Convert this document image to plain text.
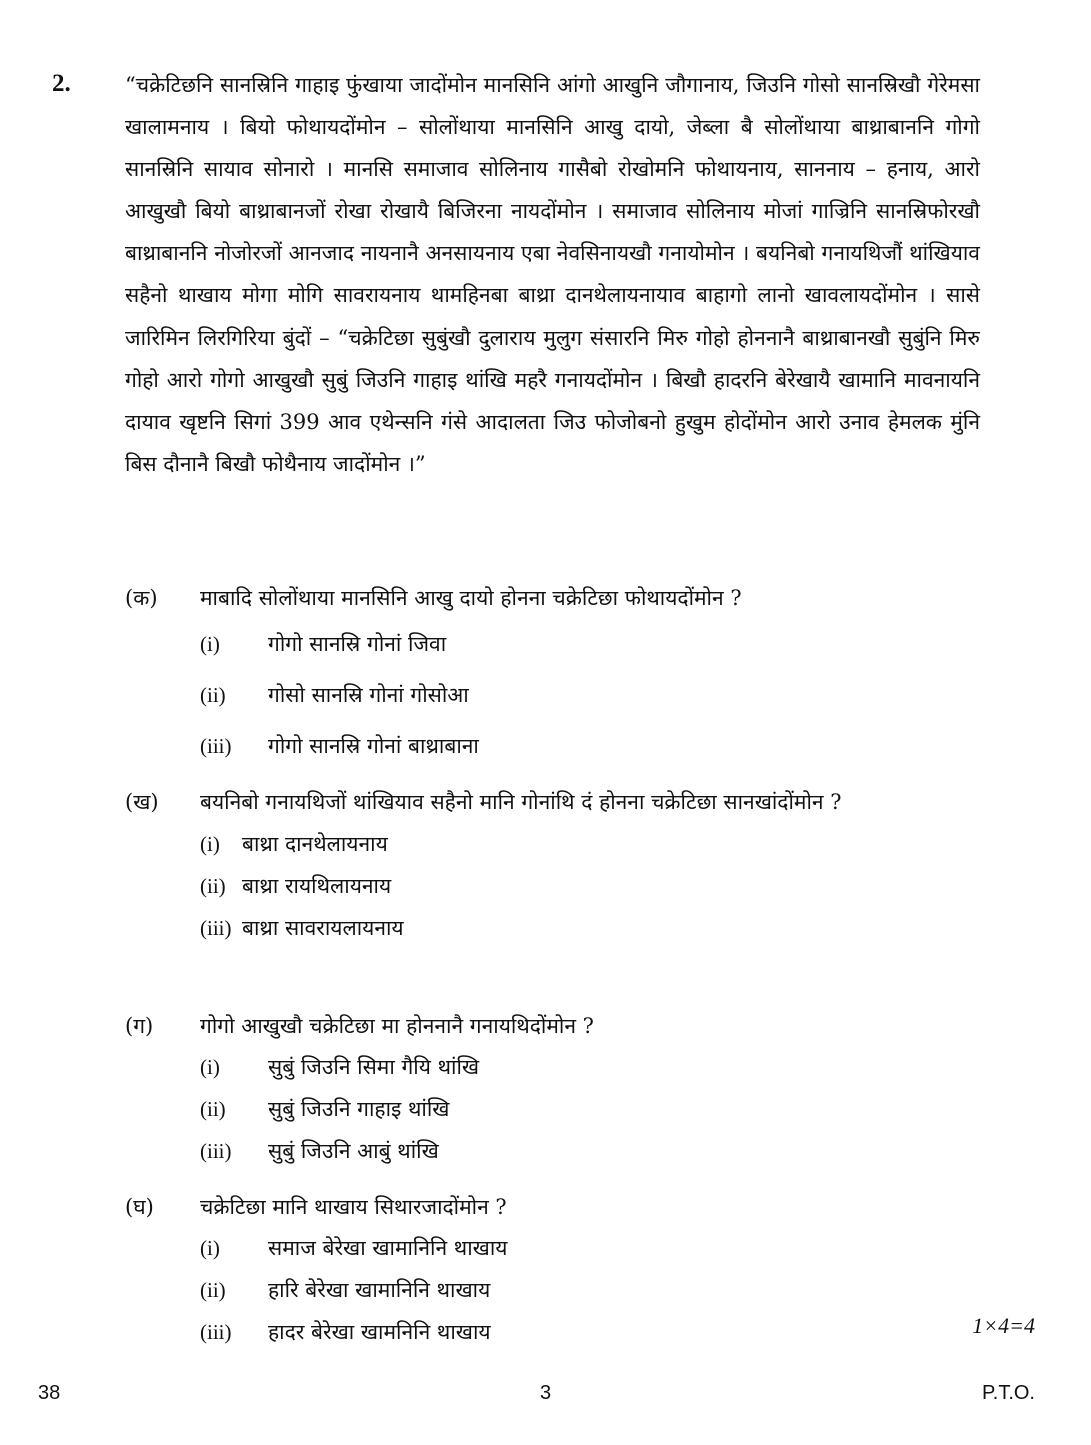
2.	“चक्रेटिछनि सानस्रिनि गाहाइ फुंखाया जादोंमोन मानसिनि आंगो आखुनि जौगानाय, जिउनि गोसो सानस्रिखौ गेरेमसा खालामनाय । बियो फोथायदोंमोन – सोलोंथाया मानसिनि आखु दायो, जेब्ला बै सोलोंथाया बाथ्राबाननि गोगो सानस्रिनि सायाव सोनारो । मानसि समाजाव सोलिनाय गासैबो रोखोमनि फोथायनाय, साननाय – हनाय, आरो आखुखौ बियो बाथ्राबानजों रोखा रोखायै बिजिरना नायदोंमोन । समाजाव सोलिनाय मोजां गाज्रिनि सानस्रिफोरखौ बाथ्राबाननि नोजोरजों आनजाद नायनानै अनसायनाय एबा नेवसिनायखौ गनायोमोन । बयनिबो गनायथिजौं थांखियाव सहैनो थाखाय मोगा मोगि सावरायनाय थामहिनबा बाथ्रा दानथेलायनायाव बाहागो लानो खावलायदोंमोन । सासे जारिमिन लिरगिरिया बुंदों – “चक्रेटिछा सुबुंखौ दुलाराय मुलुग संसारनि मिरु गोहो होननानै बाथ्राबानखौ सुबुंनि मिरु गोहो आरो गोगो आखुखौ सुबुं जिउनि गाहाइ थांखि महरै गनायदोंमोन । बिखौ हादरनि बेरेखायै खामानि मावनायनि दायाव खृष्टनि सिगां 399 आव एथेन्सनि गंसे आदालता जिउ फोजोबनो हुखुम होदोंमोन आरो उनाव हेमलक मुंनि बिस दौनानै बिखौ फोथैनाय जादोंमोन ।”
(क) माबादि सोलोंथाया मानसिनि आखु दायो होनना चक्रेटिछा फोथायदोंमोन ?
(i) गोगो सानस्रि गोनां जिवा
(ii) गोसो सानस्रि गोनां गोसोआ
(iii) गोगो सानस्रि गोनां बाथ्राबाना
(ख) बयनिबो गनायथिजों थांखियाव सहैनो मानि गोनांथि दं होनना चक्रेटिछा सानखांदोंमोन ?
(i) बाथ्रा दानथेलायनाय
(ii) बाथ्रा रायथिलायनाय
(iii) बाथ्रा सावरायलायनाय
(ग) गोगो आखुखौ चक्रेटिछा मा होननानै गनायथिदोंमोन ?
(i) सुबुं जिउनि सिमा गैयि थांखि
(ii) सुबुं जिउनि गाहाइ थांखि
(iii) सुबुं जिउनि आबुं थांखि
(घ) चक्रेटिछा मानि थाखाय सिथारजादोंमोन ?
(i) समाज बेरेखा खामानिनि थाखाय
(ii) हारि बेरेखा खामानिनि थाखाय
(iii) हादर बेरेखा खामनिनि थाखाय	1×4=4
38	3	P.T.O.
